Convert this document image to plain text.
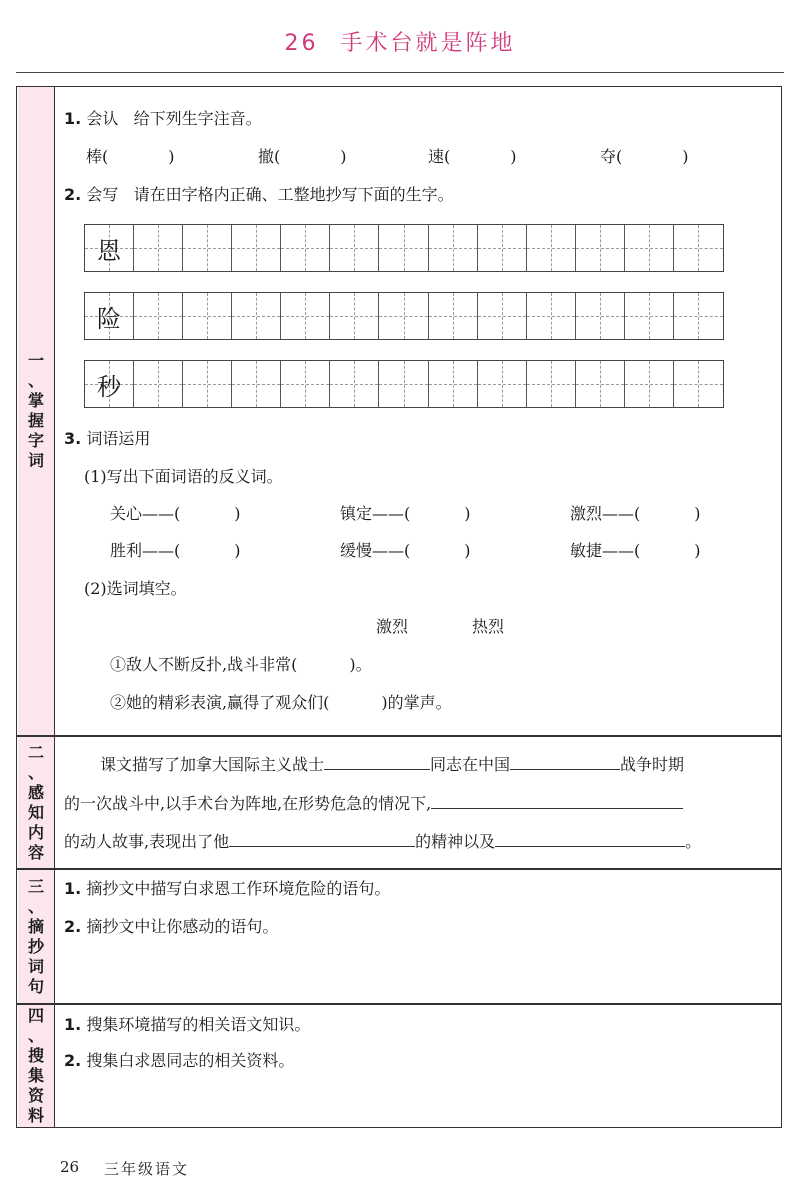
26 手术台就是阵地
一
、
掌
握
字
词
二
、
感
知
内
容
三
、
摘
抄
词
句
四
、
搜
集
资
料
1. 会认 给下列生字注音。
棒(	)	撤(	)	速(	)	夺(	)
2. 会写 请在田字格内正确、工整地抄写下面的生字。
恩
险
秒
3. 词语运用
(1)写出下面词语的反义词。
关心——(	)	镇定——(	)	激烈——(	)
胜利——(	)	缓慢——(	)	敏捷——(	)
(2)选词填空。
激烈	热烈
①敌人不断反扑,战斗非常(	)。
②她的精彩表演,赢得了观众们(	)的掌声。
课文描写了加拿大国际主义战士	同志在中国	战争时期
的一次战斗中,以手术台为阵地,在形势危急的情况下,
的动人故事,表现出了他	的精神以及	。
1. 摘抄文中描写白求恩工作环境危险的语句。
2. 摘抄文中让你感动的语句。
1. 搜集环境描写的相关语文知识。
2. 搜集白求恩同志的相关资料。
26 三年级语文
